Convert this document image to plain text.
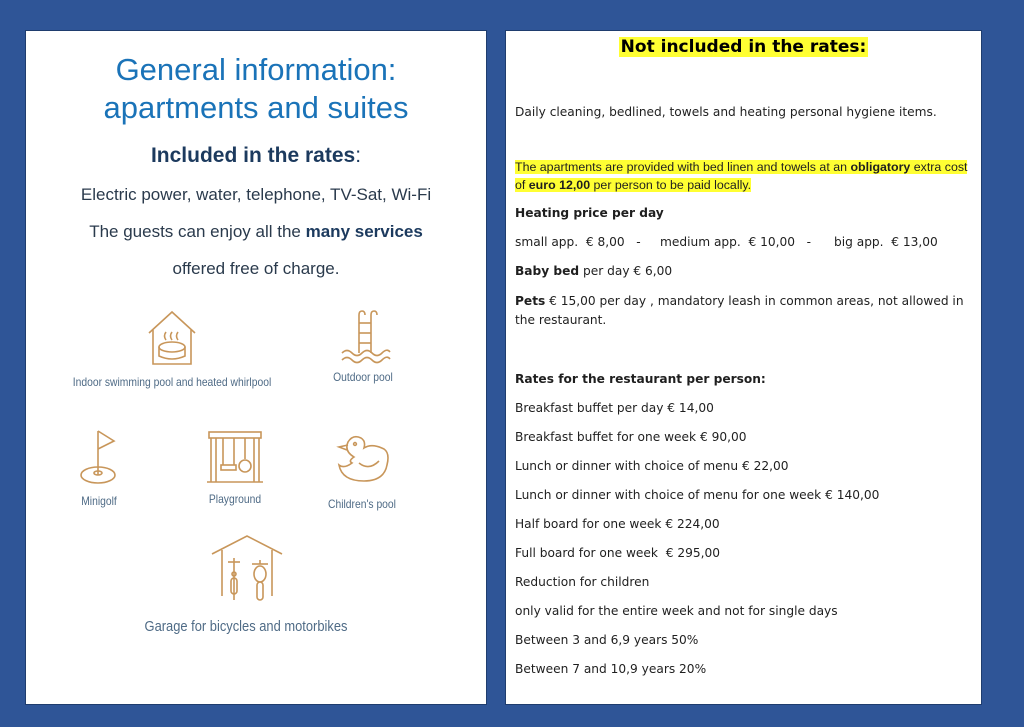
General information:
apartments and suites
Included in the rates:
Electric power, water, telephone, TV-Sat, Wi-Fi
The guests can enjoy all the many services
offered free of charge.
Indoor swimming pool and heated whirlpool	Outdoor pool
Minigolf	Playground	Children's pool
Garage for bicycles and motorbikes
Not included in the rates:
Daily cleaning, bedlined, towels and heating personal hygiene items.
The apartments are provided with bed linen and towels at an obligatory extra cost of euro 12,00 per person to be paid locally.
Heating price per day
small app.  € 8,00   - medium app.  € 10,00   - big app.  € 13,00
Baby bed per day € 6,00
Pets € 15,00 per day , mandatory leash in common areas, not allowed in the restaurant.
Rates for the restaurant per person:
Breakfast buffet per day € 14,00
Breakfast buffet for one week € 90,00
Lunch or dinner with choice of menu € 22,00
Lunch or dinner with choice of menu for one week € 140,00
Half board for one week € 224,00
Full board for one week  € 295,00
Reduction for children
only valid for the entire week and not for single days
Between 3 and 6,9 years 50%
Between 7 and 10,9 years 20%
